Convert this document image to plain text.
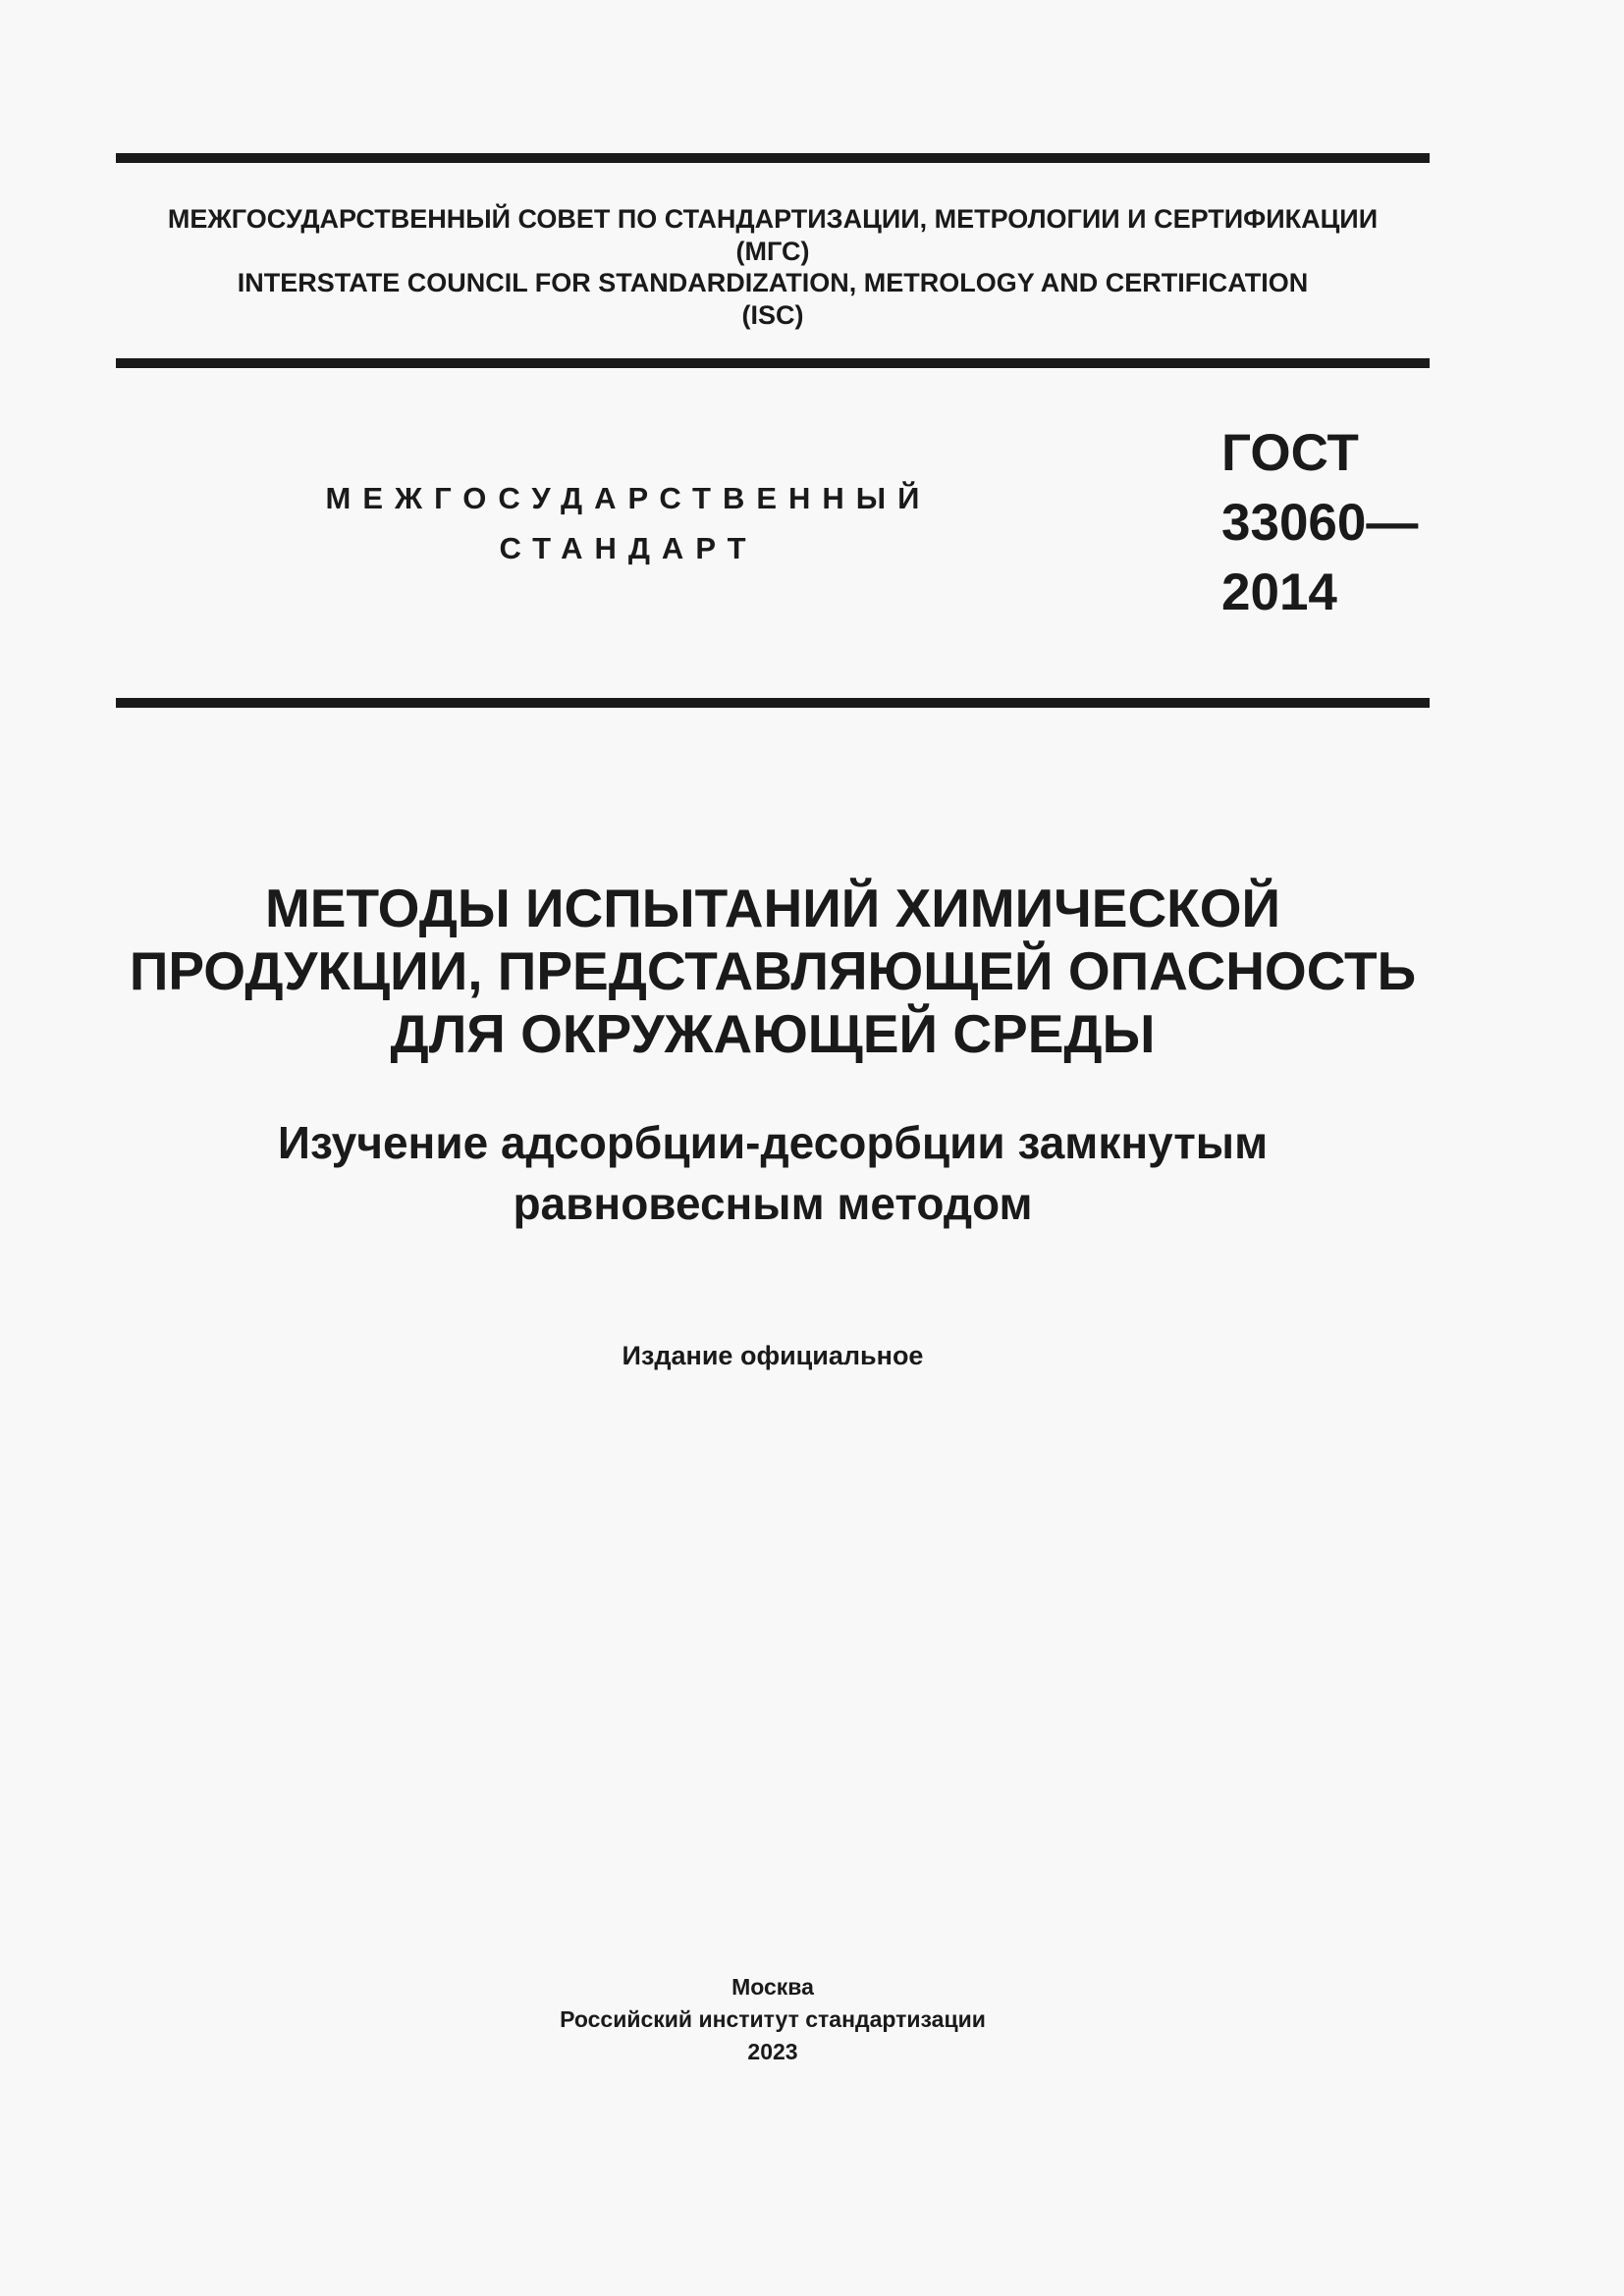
МЕЖГОСУДАРСТВЕННЫЙ СОВЕТ ПО СТАНДАРТИЗАЦИИ, МЕТРОЛОГИИ И СЕРТИФИКАЦИИ
(МГС)
INTERSTATE COUNCIL FOR STANDARDIZATION, METROLOGY AND CERTIFICATION
(ISC)
МЕЖГОСУДАРСТВЕННЫЙ
СТАНДАРТ
ГОСТ
33060—
2014
МЕТОДЫ ИСПЫТАНИЙ ХИМИЧЕСКОЙ
ПРОДУКЦИИ, ПРЕДСТАВЛЯЮЩЕЙ ОПАСНОСТЬ
ДЛЯ ОКРУЖАЮЩЕЙ СРЕДЫ
Изучение адсорбции-десорбции замкнутым
равновесным методом
Издание официальное
Москва
Российский институт стандартизации
2023
